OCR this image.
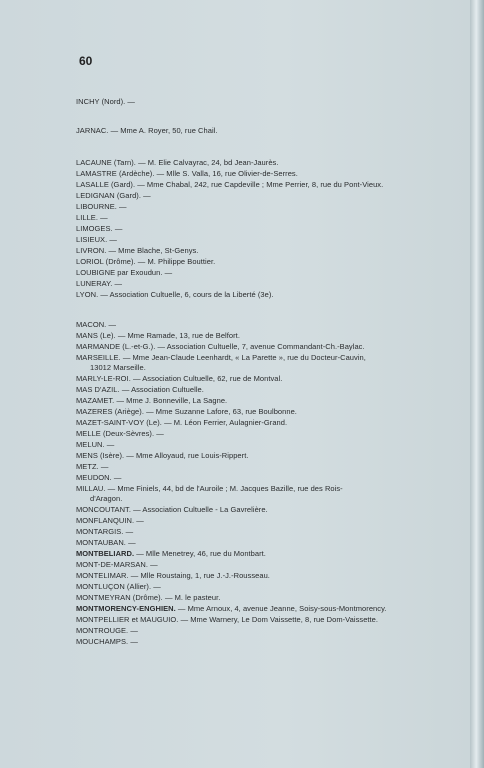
60
INCHY (Nord). —
JARNAC. — Mme A. Royer, 50, rue Chail.
LACAUNE (Tarn). — M. Elie Calvayrac, 24, bd Jean-Jaurès.
LAMASTRE (Ardèche). — Mlle S. Valla, 16, rue Olivier-de-Serres.
LASALLE (Gard). — Mme Chabal, 242, rue Capdeville ; Mme Perrier, 8, rue du Pont-Vieux.
LEDIGNAN (Gard). —
LIBOURNE. —
LILLE. —
LIMOGES. —
LISIEUX. —
LIVRON. — Mme Blache, St-Genys.
LORIOL (Drôme). — M. Philippe Bouttier.
LOUBIGNE par Exoudun. —
LUNERAY. —
LYON. — Association Cultuelle, 6, cours de la Liberté (3e).
MACON. —
MANS (Le). — Mme Ramade, 13, rue de Belfort.
MARMANDE (L.-et-G.). — Association Cultuelle, 7, avenue Commandant-Ch.-Baylac.
MARSEILLE. — Mme Jean-Claude Leenhardt, « La Parette », rue du Docteur-Cauvin,
13012 Marseille.
MARLY-LE-ROI. — Association Cultuelle, 62, rue de Montval.
MAS D'AZIL. — Association Cultuelle.
MAZAMET. — Mme J. Bonneville, La Sagne.
MAZERES (Ariège). — Mme Suzanne Lafore, 63, rue Boulbonne.
MAZET-SAINT-VOY (Le). — M. Léon Ferrier, Aulagnier-Grand.
MELLE (Deux-Sèvres). —
MELUN. —
MENS (Isère). — Mme Alloyaud, rue Louis-Rippert.
METZ. —
MEUDON. —
MILLAU. — Mme Finiels, 44, bd de l'Auroile ; M. Jacques Bazille, rue des Rois-
d'Aragon.
MONCOUTANT. — Association Cultuelle - La Gavrelière.
MONFLANQUIN. —
MONTARGIS. —
MONTAUBAN. —
MONTBELIARD. — Mlle Menetrey, 46, rue du Montbart.
MONT-DE-MARSAN. —
MONTELIMAR. — Mlle Roustaing, 1, rue J.-J.-Rousseau.
MONTLUÇON (Allier). —
MONTMEYRAN (Drôme). — M. le pasteur.
MONTMORENCY-ENGHIEN. — Mme Arnoux, 4, avenue Jeanne, Soisy-sous-Montmorency.
MONTPELLIER et MAUGUIO. — Mme Warnery, Le Dom Vaissette, 8, rue Dom-Vaissette.
MONTROUGE. —
MOUCHAMPS. —
